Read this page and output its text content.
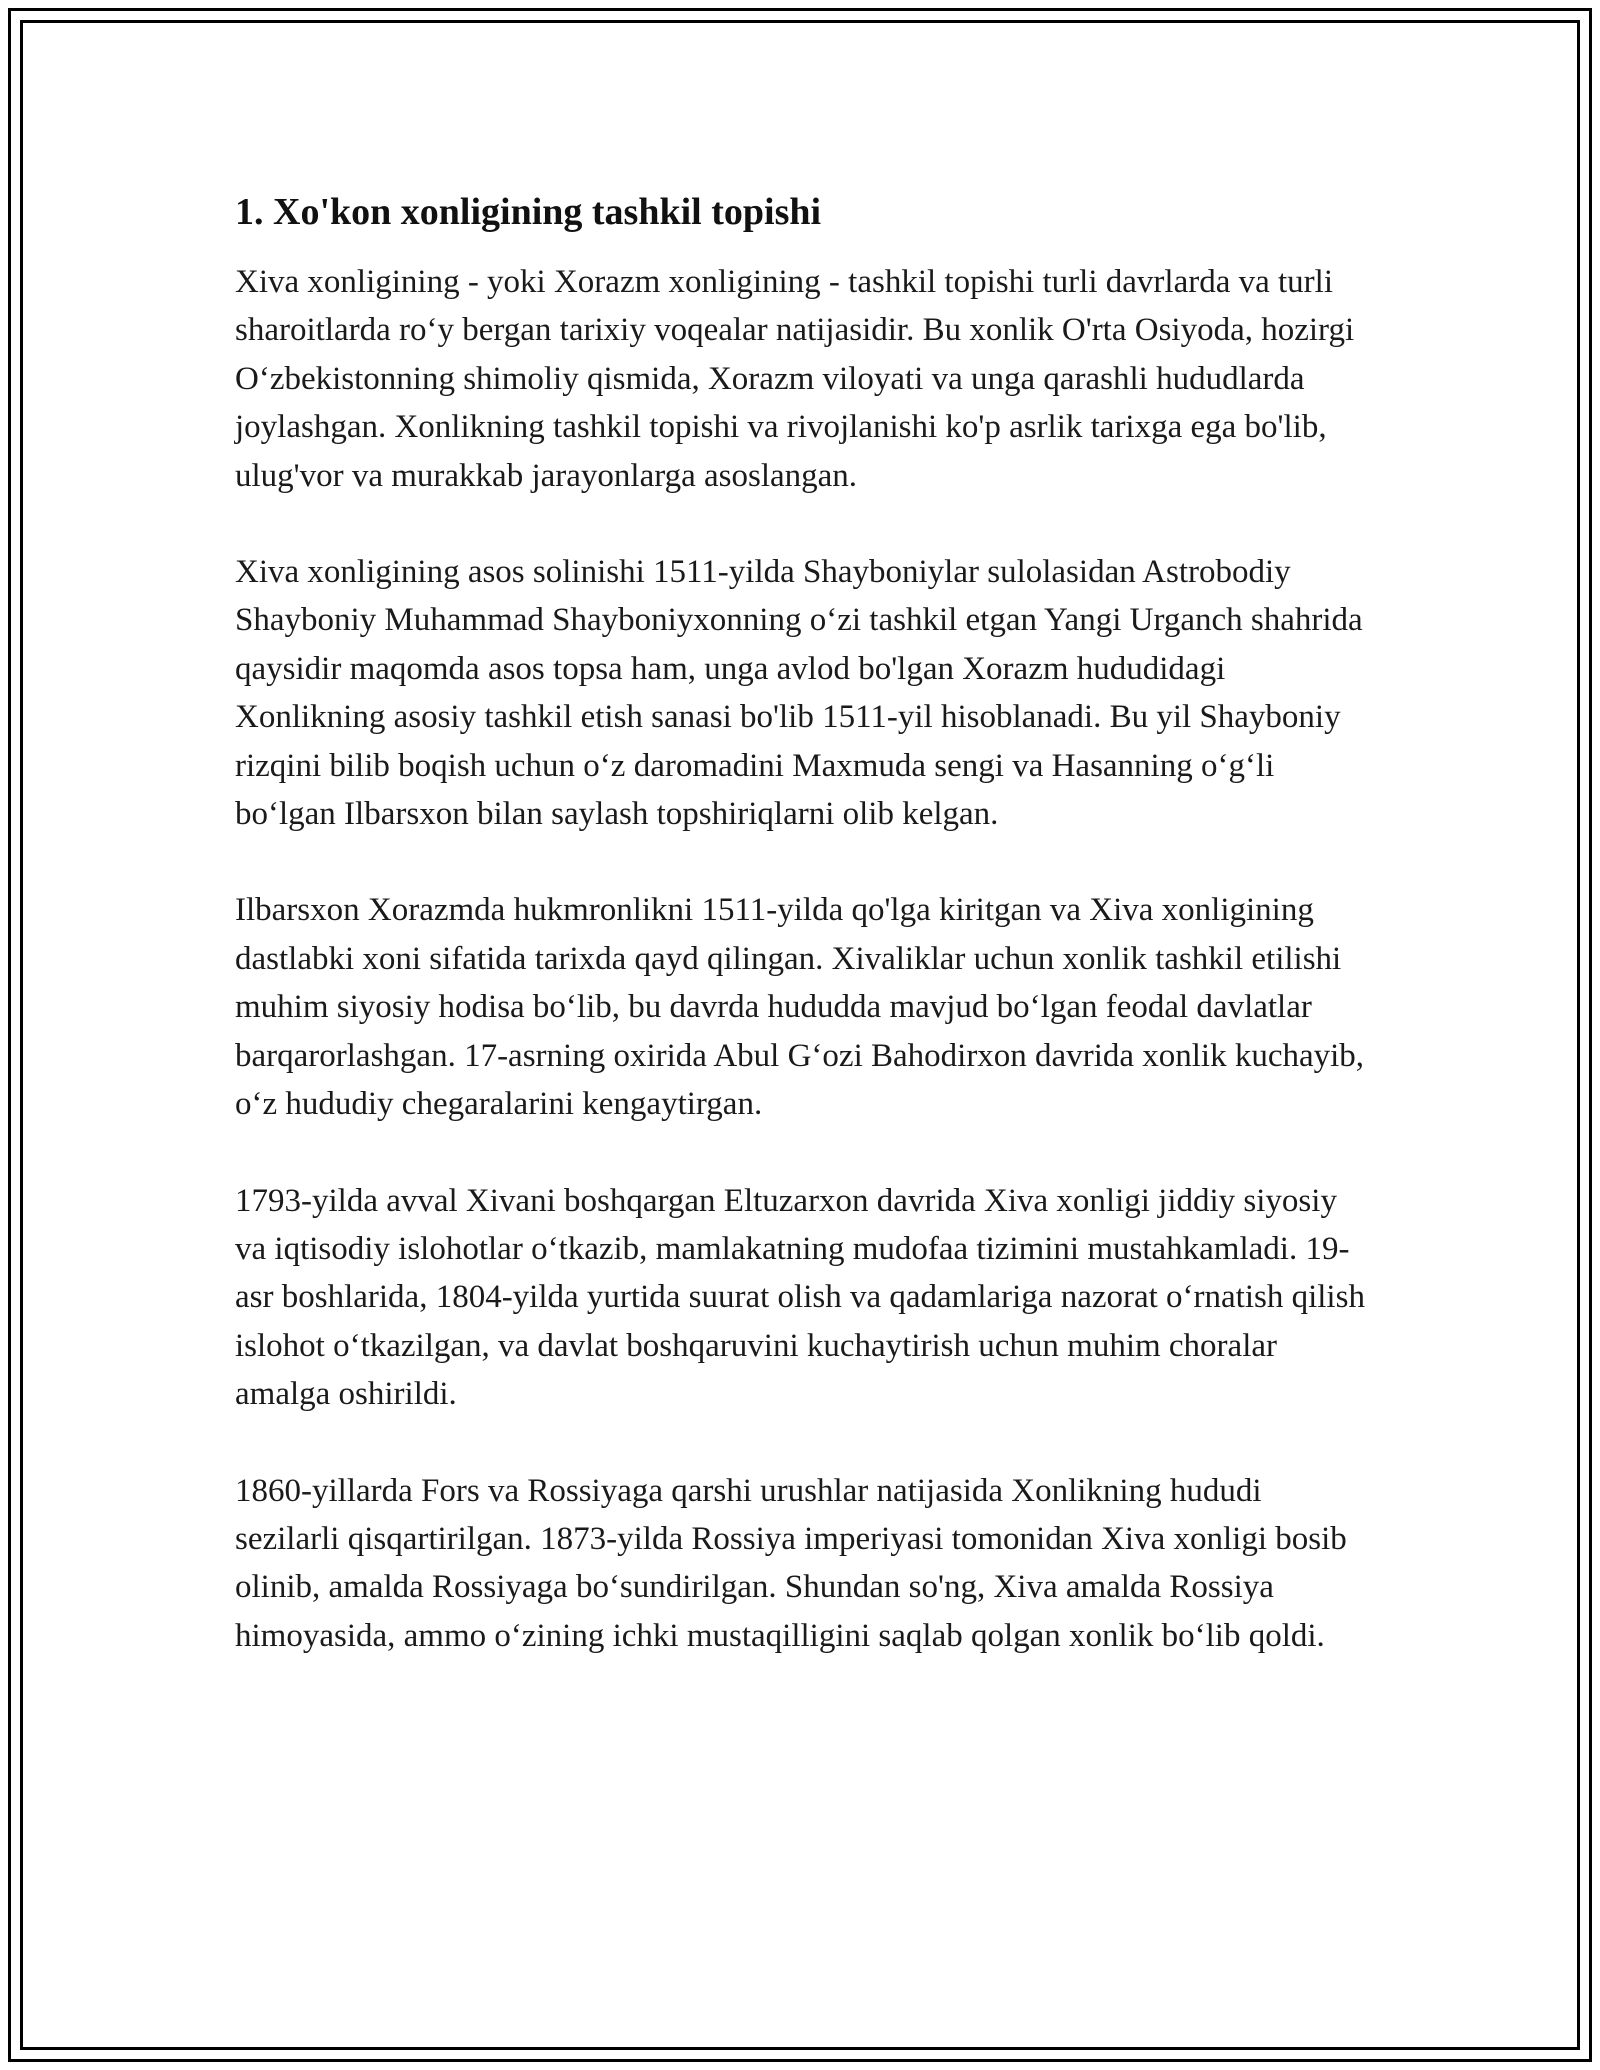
1. Xo'kon xonligining tashkil topishi

Xiva xonligining - yoki Xorazm xonligining - tashkil topishi turli davrlarda va turli sharoitlarda ro‘y bergan tarixiy voqealar natijasidir. Bu xonlik O'rta Osiyoda, hozirgi O‘zbekistonning shimoliy qismida, Xorazm viloyati va unga qarashli hududlarda joylashgan. Xonlikning tashkil topishi va rivojlanishi ko'p asrlik tarixga ega bo'lib, ulug'vor va murakkab jarayonlarga asoslangan.

Xiva xonligining asos solinishi 1511-yilda Shayboniylar sulolasidan Astrobodiy Shayboniy Muhammad Shayboniyxonning o‘zi tashkil etgan Yangi Urganch shahrida qaysidir maqomda asos topsa ham, unga avlod bo'lgan Xorazm hududidagi Xonlikning asosiy tashkil etish sanasi bo'lib 1511-yil hisoblanadi. Bu yil Shayboniy rizqini bilib boqish uchun o‘z daromadini Maxmuda sengi va Hasanning o‘g‘li bo‘lgan Ilbarsxon bilan saylash topshiriqlarni olib kelgan.

Ilbarsxon Xorazmda hukmronlikni 1511-yilda qo'lga kiritgan va Xiva xonligining dastlabki xoni sifatida tarixda qayd qilingan. Xivaliklar uchun xonlik tashkil etilishi muhim siyosiy hodisa bo‘lib, bu davrda hududda mavjud bo‘lgan feodal davlatlar barqarorlashgan. 17-asrning oxirida Abul G‘ozi Bahodirxon davrida xonlik kuchayib, o‘z hududiy chegaralarini kengaytirgan.

1793-yilda avval Xivani boshqargan Eltuzarxon davrida Xiva xonligi jiddiy siyosiy va iqtisodiy islohotlar o‘tkazib, mamlakatning mudofaa tizimini mustahkamladi. 19-asr boshlarida, 1804-yilda yurtida suurat olish va qadamlariga nazorat o‘rnatish qilish islohot o‘tkazilgan, va davlat boshqaruvini kuchaytirish uchun muhim choralar amalga oshirildi.

1860-yillarda Fors va Rossiyaga qarshi urushlar natijasida Xonlikning hududi sezilarli qisqartirilgan. 1873-yilda Rossiya imperiyasi tomonidan Xiva xonligi bosib olinib, amalda Rossiyaga bo‘sundirilgan. Shundan so'ng, Xiva amalda Rossiya himoyasida, ammo o‘zining ichki mustaqilligini saqlab qolgan xonlik bo‘lib qoldi.
